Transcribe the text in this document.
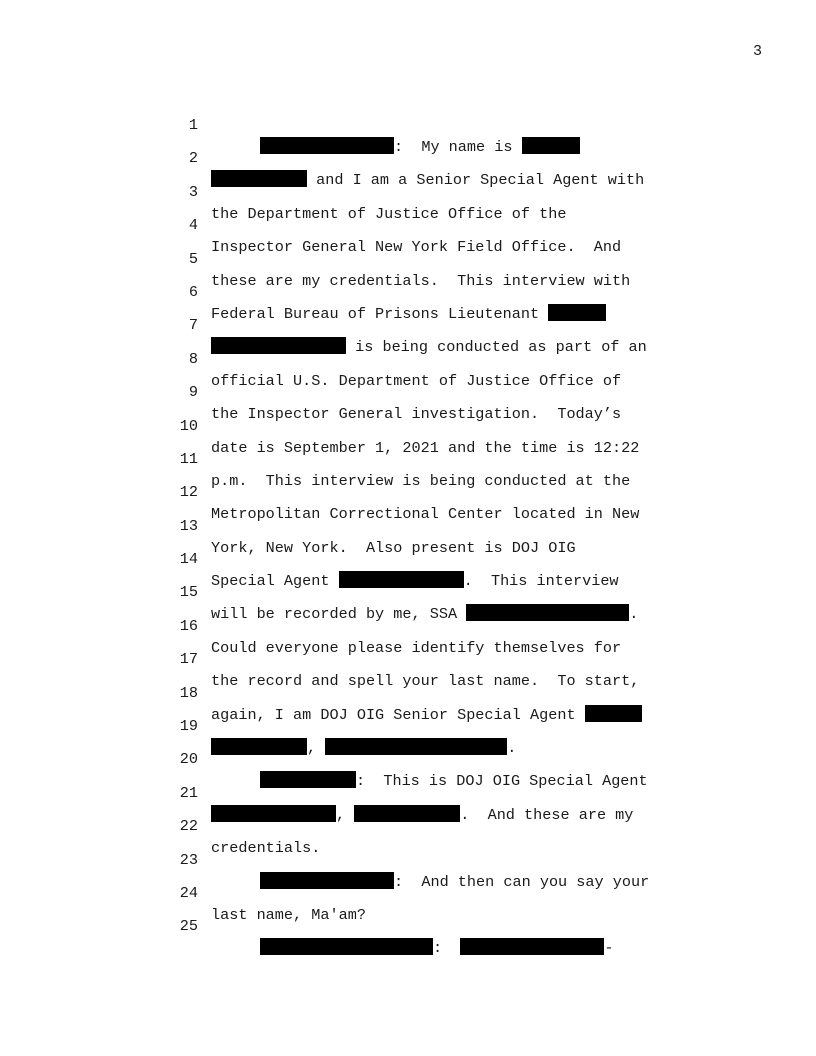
3

1

:  My name is

2

and I am a Senior Special Agent with

3

the Department of Justice Office of the

4

Inspector General New York Field Office.  And

5

these are my credentials.  This interview with

6

Federal Bureau of Prisons Lieutenant

7

is being conducted as part of an

8

official U.S. Department of Justice Office of

9

the Inspector General investigation.  Today’s

10

date is September 1, 2021 and the time is 12:22

11

p.m.  This interview is being conducted at the

12

Metropolitan Correctional Center located in New

13

York, New York.  Also present is DOJ OIG

14

Special Agent	.  This interview

15

will be recorded by me, SSA	.

16

Could everyone please identify themselves for

17

the record and spell your last name.  To start,

18

again, I am DOJ OIG Senior Special Agent

19

,	.

20

:  This is DOJ OIG Special Agent

21

,	.  And these are my

22

credentials.

23

:  And then can you say your

24

last name, Ma'am?

25

:	-
